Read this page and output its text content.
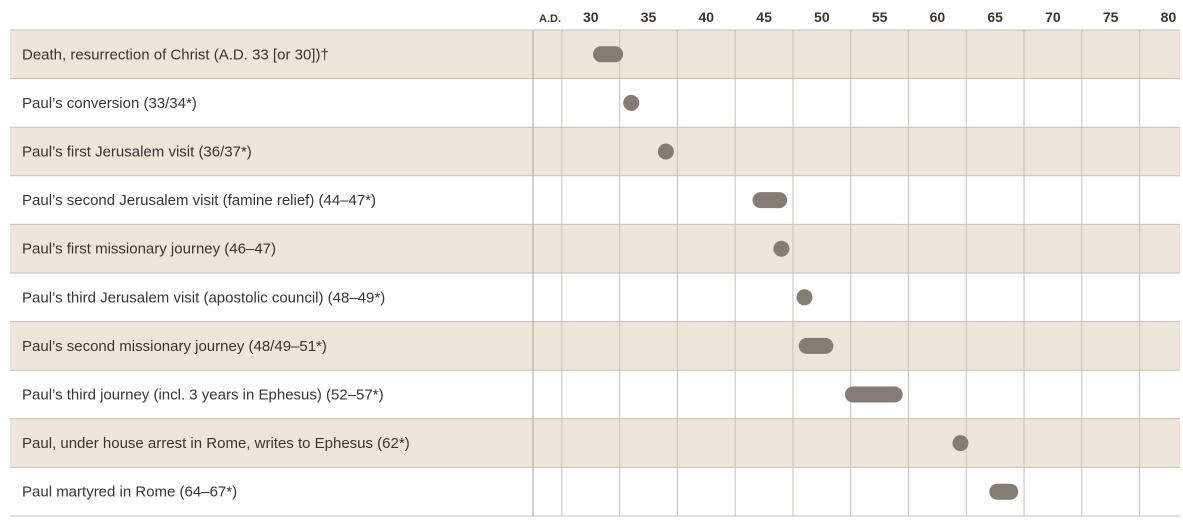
A.D. 30	35	40	45	50	55	60	65	70	75	80
Death, resurrection of Christ (A.D. 33 [or 30])†
Paul’s conversion (33/34*)
Paul’s first Jerusalem visit (36/37*)
Paul’s second Jerusalem visit (famine relief) (44–47*)
Paul’s first missionary journey (46–47)
Paul’s third Jerusalem visit (apostolic council) (48–49*)
Paul’s second missionary journey (48/49–51*)
Paul’s third journey (incl. 3 years in Ephesus) (52–57*)
Paul, under house arrest in Rome, writes to Ephesus (62*)
Paul martyred in Rome (64–67*)
